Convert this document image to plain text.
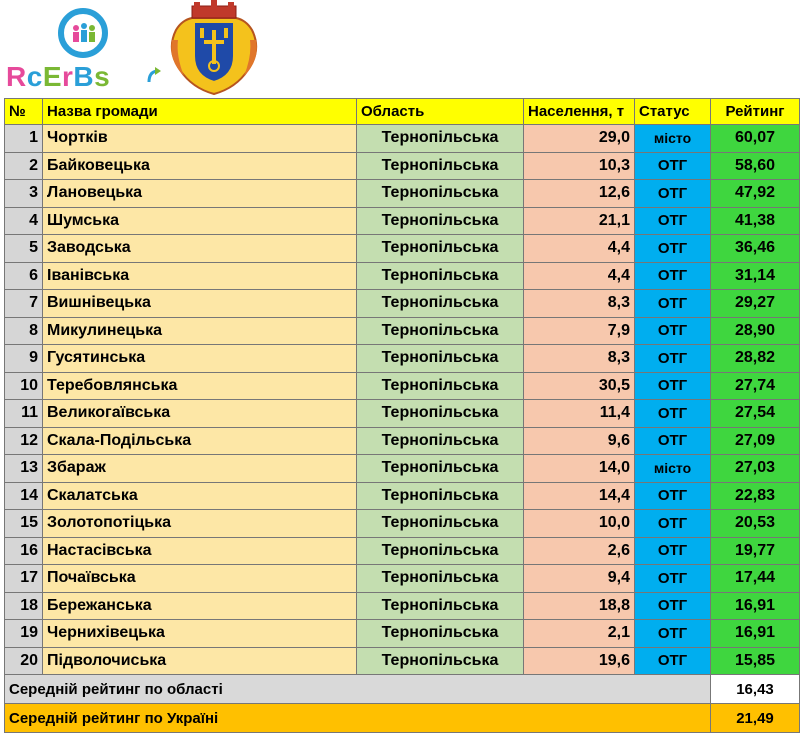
RcErBs
№	Назва громади	Область	Населення, т	Статус	Рейтинг
1	Чортків	Тернопільська	29,0	місто	60,07
2	Байковецька	Тернопільська	10,3	ОТГ	58,60
3	Лановецька	Тернопільська	12,6	ОТГ	47,92
4	Шумська	Тернопільська	21,1	ОТГ	41,38
5	Заводська	Тернопільська	4,4	ОТГ	36,46
6	Іванівська	Тернопільська	4,4	ОТГ	31,14
7	Вишнівецька	Тернопільська	8,3	ОТГ	29,27
8	Микулинецька	Тернопільська	7,9	ОТГ	28,90
9	Гусятинська	Тернопільська	8,3	ОТГ	28,82
10	Теребовлянська	Тернопільська	30,5	ОТГ	27,74
11	Великогаївська	Тернопільська	11,4	ОТГ	27,54
12	Скала-Подільська	Тернопільська	9,6	ОТГ	27,09
13	Збараж	Тернопільська	14,0	місто	27,03
14	Скалатська	Тернопільська	14,4	ОТГ	22,83
15	Золотопотіцька	Тернопільська	10,0	ОТГ	20,53
16	Настасівська	Тернопільська	2,6	ОТГ	19,77
17	Почаївська	Тернопільська	9,4	ОТГ	17,44
18	Бережанська	Тернопільська	18,8	ОТГ	16,91
19	Чернихівецька	Тернопільська	2,1	ОТГ	16,91
20	Підволочиська	Тернопільська	19,6	ОТГ	15,85
Середній рейтинг по області					16,43
Середній рейтинг по Україні					21,49
